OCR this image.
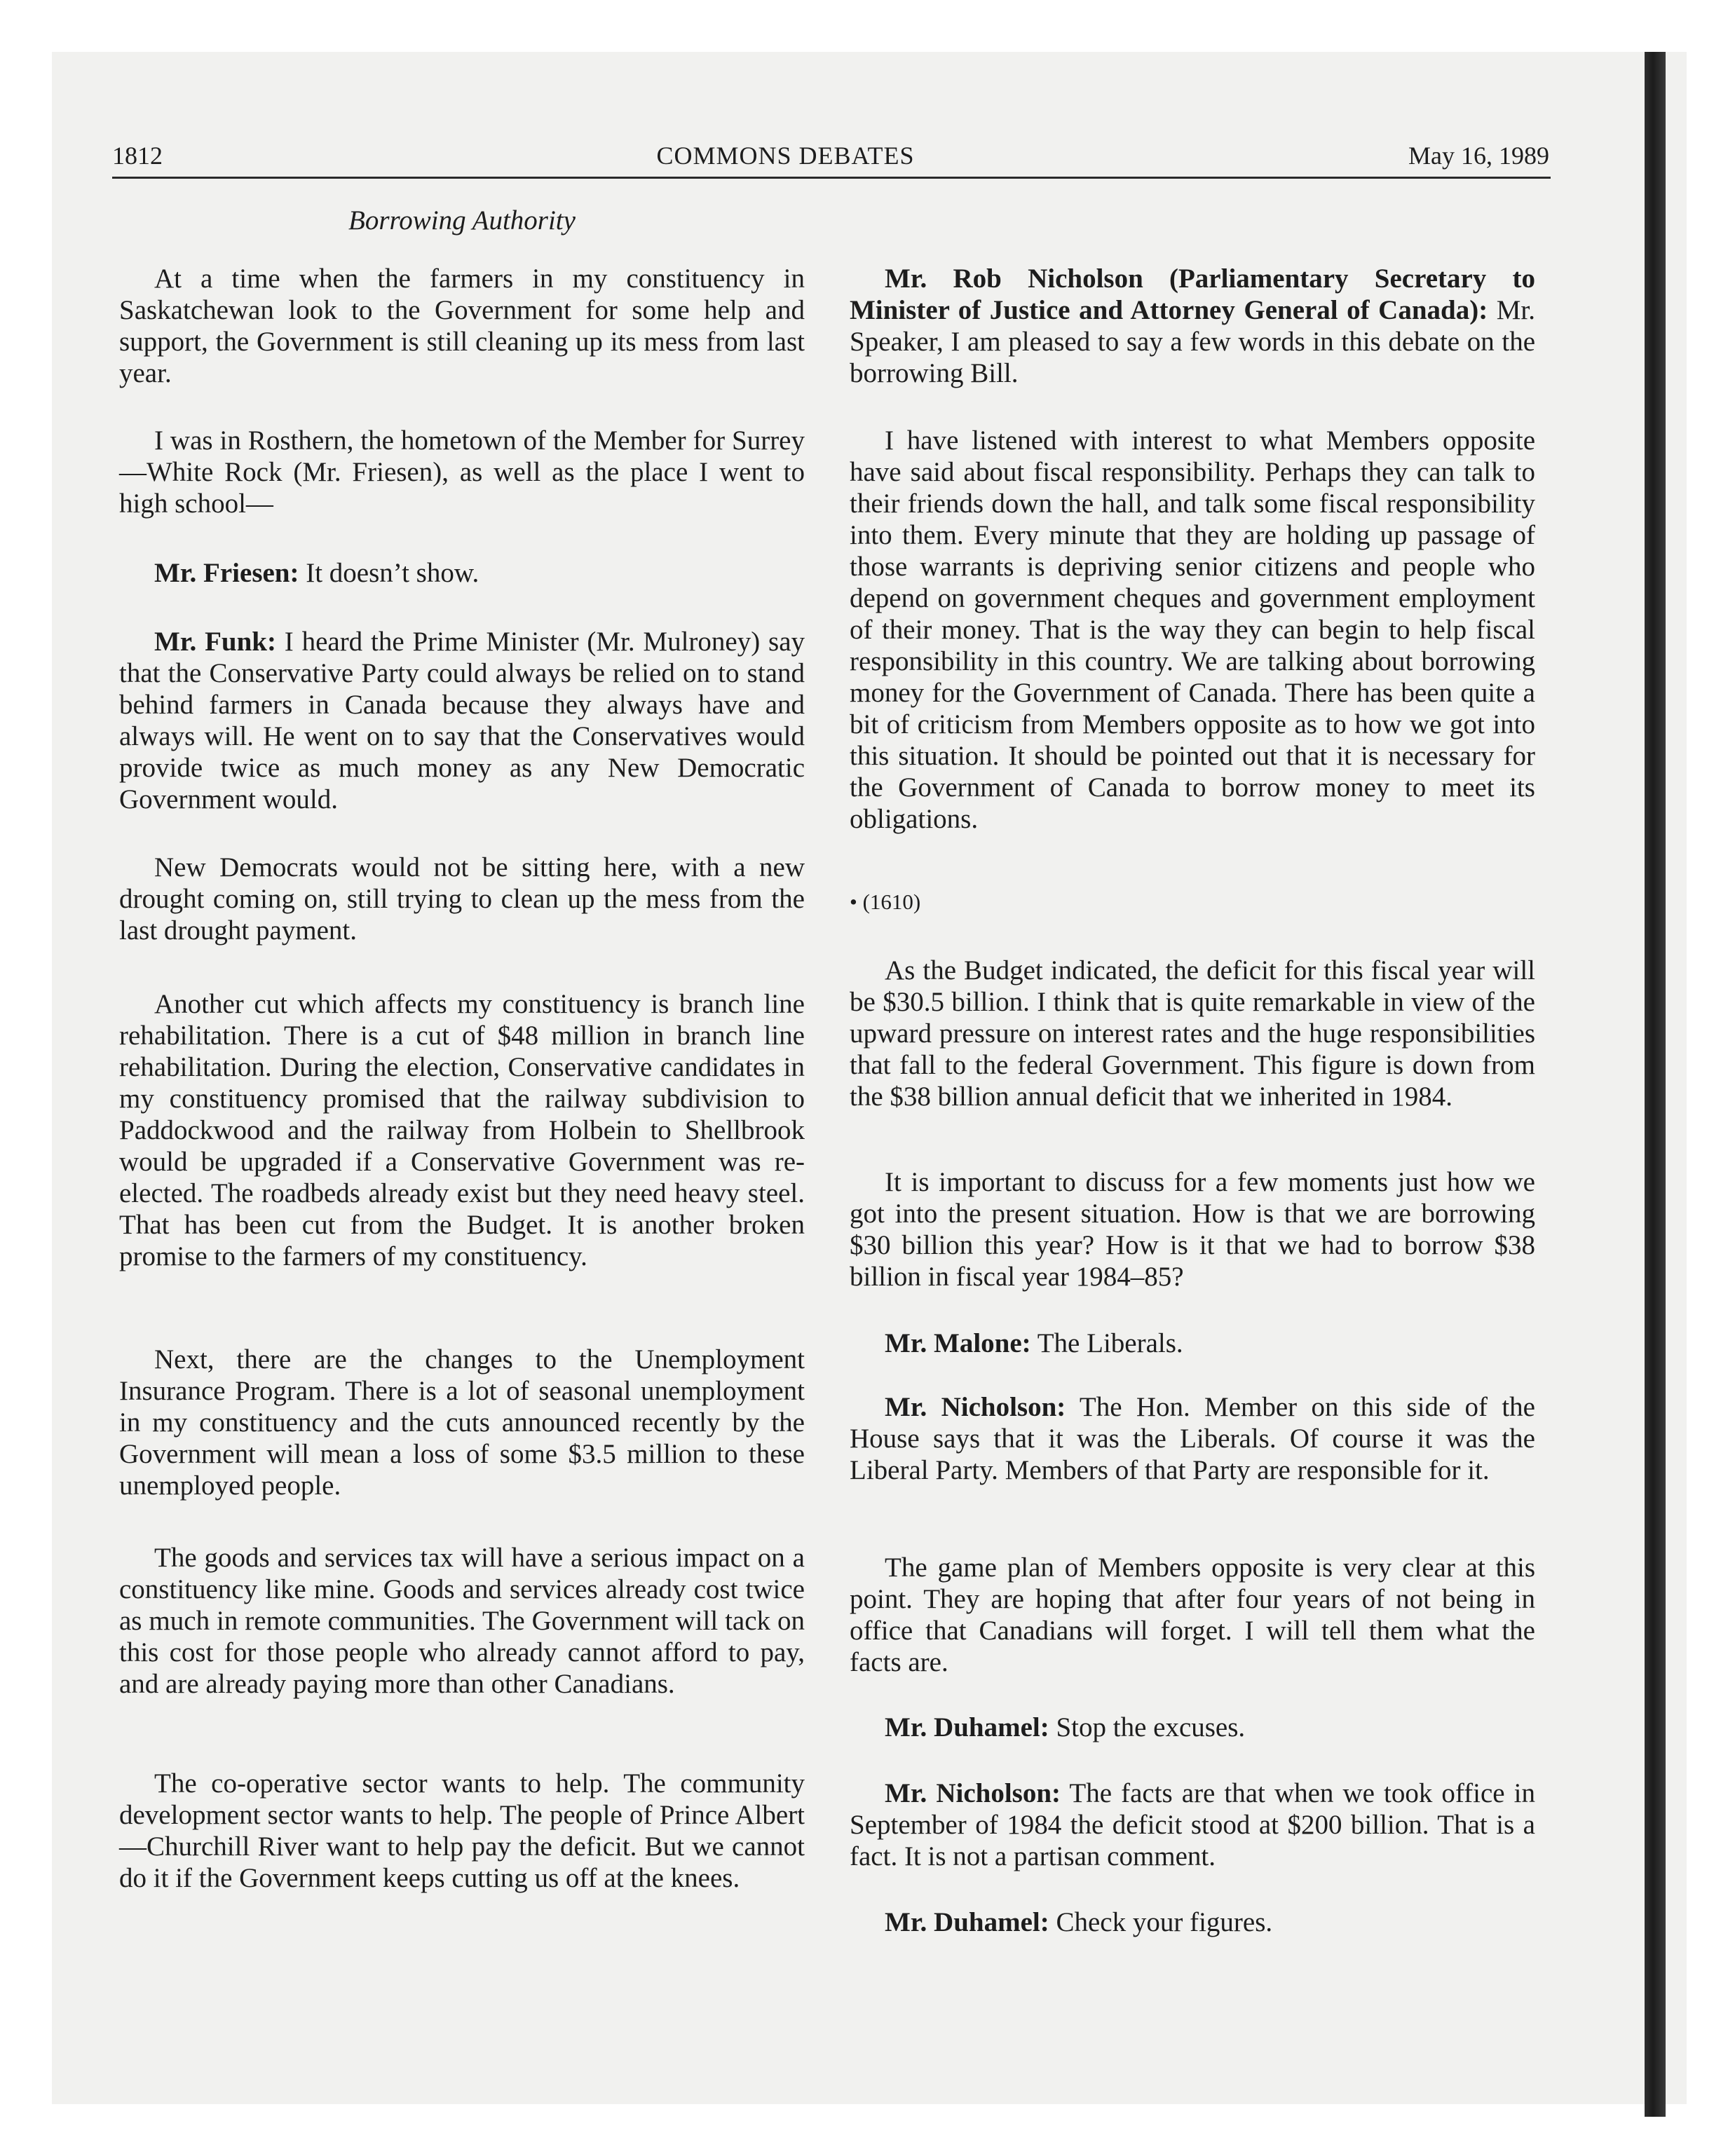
1812	COMMONS DEBATES	May 16, 1989

Borrowing Authority

At a time when the farmers in my constituency in Saskatchewan look to the Government for some help and support, the Government is still cleaning up its mess from last year.

I was in Rosthern, the hometown of the Member for Surrey—White Rock (Mr. Friesen), as well as the place I went to high school—

Mr. Friesen: It doesn’t show.

Mr. Funk: I heard the Prime Minister (Mr. Mulroney) say that the Conservative Party could always be relied on to stand behind farmers in Canada because they always have and always will. He went on to say that the Conservatives would provide twice as much money as any New Democratic Government would.

New Democrats would not be sitting here, with a new drought coming on, still trying to clean up the mess from the last drought payment.

Another cut which affects my constituency is branch line rehabilitation. There is a cut of $48 million in branch line rehabilitation. During the election, Conservative candidates in my constituency promised that the railway subdivision to Paddockwood and the railway from Holbein to Shellbrook would be upgraded if a Conservative Government was re-elected. The roadbeds already exist but they need heavy steel. That has been cut from the Budget. It is another broken promise to the farmers of my constituency.

Next, there are the changes to the Unemployment Insurance Program. There is a lot of seasonal unemployment in my constituency and the cuts announced recently by the Government will mean a loss of some $3.5 million to these unemployed people.

The goods and services tax will have a serious impact on a constituency like mine. Goods and services already cost twice as much in remote communities. The Government will tack on this cost for those people who already cannot afford to pay, and are already paying more than other Canadians.

The co-operative sector wants to help. The community development sector wants to help. The people of Prince Albert—Churchill River want to help pay the deficit. But we cannot do it if the Government keeps cutting us off at the knees.

Mr. Rob Nicholson (Parliamentary Secretary to Minister of Justice and Attorney General of Canada): Mr. Speaker, I am pleased to say a few words in this debate on the borrowing Bill.

I have listened with interest to what Members opposite have said about fiscal responsibility. Perhaps they can talk to their friends down the hall, and talk some fiscal responsibility into them. Every minute that they are holding up passage of those warrants is depriving senior citizens and people who depend on government cheques and government employment of their money. That is the way they can begin to help fiscal responsibility in this country. We are talking about borrowing money for the Government of Canada. There has been quite a bit of criticism from Members opposite as to how we got into this situation. It should be pointed out that it is necessary for the Government of Canada to borrow money to meet its obligations.

• (1610)

As the Budget indicated, the deficit for this fiscal year will be $30.5 billion. I think that is quite remarkable in view of the upward pressure on interest rates and the huge responsibilities that fall to the federal Government. This figure is down from the $38 billion annual deficit that we inherited in 1984.

It is important to discuss for a few moments just how we got into the present situation. How is that we are borrowing $30 billion this year? How is it that we had to borrow $38 billion in fiscal year 1984–85?

Mr. Malone: The Liberals.

Mr. Nicholson: The Hon. Member on this side of the House says that it was the Liberals. Of course it was the Liberal Party. Members of that Party are responsible for it.

The game plan of Members opposite is very clear at this point. They are hoping that after four years of not being in office that Canadians will forget. I will tell them what the facts are.

Mr. Duhamel: Stop the excuses.

Mr. Nicholson: The facts are that when we took office in September of 1984 the deficit stood at $200 billion. That is a fact. It is not a partisan comment.

Mr. Duhamel: Check your figures.
